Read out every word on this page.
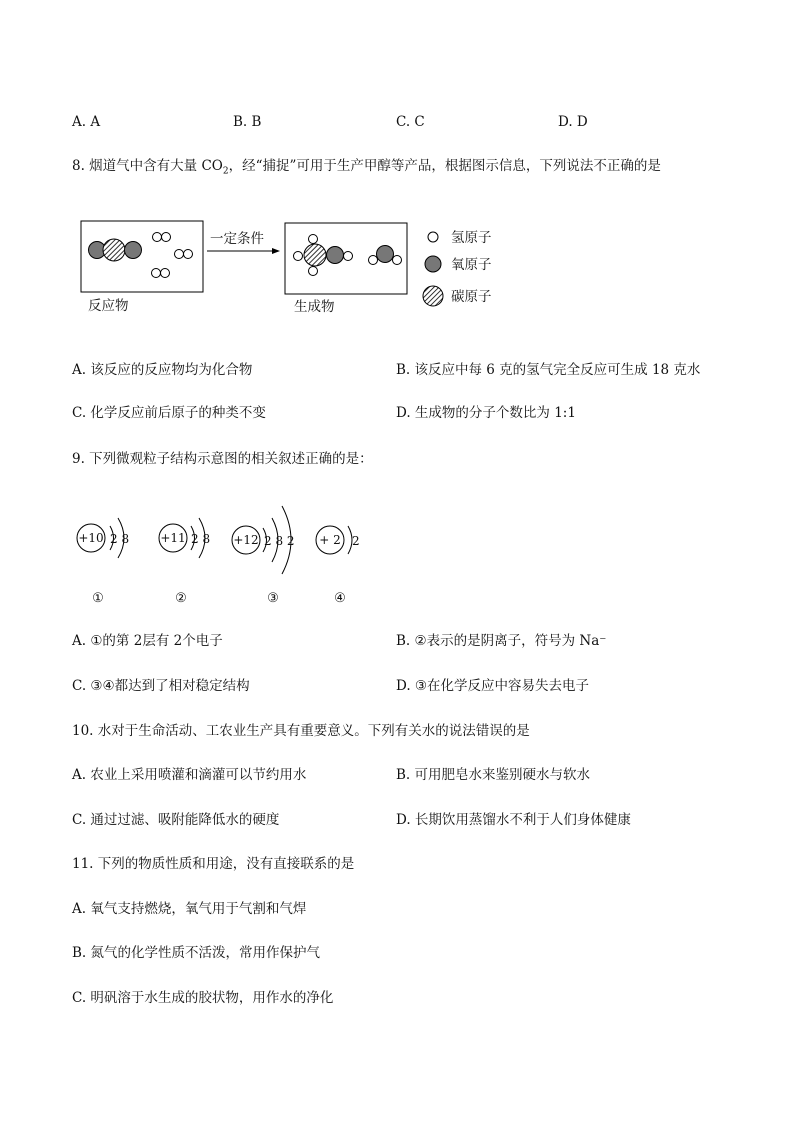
A. A	B. B	C. C	D. D
8. 烟道气中含有大量 $CO_2$，经“捕捉”可用于生产甲醇等产品，根据图示信息，下列说法不正确的是
一定条件
反应物	生成物
氢原子
氧原子
碳原子
A. 该反应的反应物均为化合物	B. 该反应中每 6 克的氢气完全反应可生成 18 克水
C. 化学反应前后原子的种类不变	D. 生成物的分子个数比为 1:1
9. 下列微观粒子结构示意图的相关叙述正确的是：
+10 2 8
①
+11 2 8
②
+12 2 8 2
③
+ 2 2
④
A. ①的第 2层有 2个电子	B. ②表示的是阴离子，符号为 Na⁻
C. ③④都达到了相对稳定结构	D. ③在化学反应中容易失去电子
10. 水对于生命活动、工农业生产具有重要意义。下列有关水的说法错误的是
A. 农业上采用喷灌和滴灌可以节约用水	B. 可用肥皂水来鉴别硬水与软水
C. 通过过滤、吸附能降低水的硬度	D. 长期饮用蒸馏水不利于人们身体健康
11. 下列的物质性质和用途，没有直接联系的是
A. 氧气支持燃烧，氧气用于气割和气焊
B. 氮气的化学性质不活泼，常用作保护气
C. 明矾溶于水生成的胶状物，用作水的净化
